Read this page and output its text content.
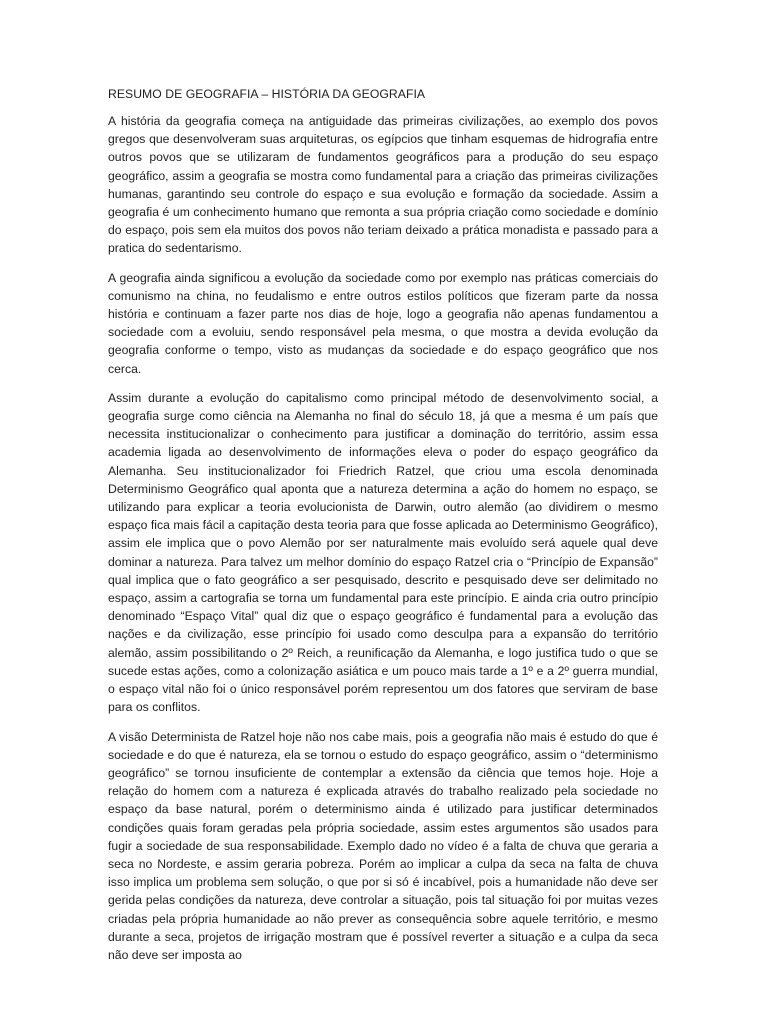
RESUMO DE GEOGRAFIA – HISTÓRIA DA GEOGRAFIA

A história da geografia começa na antiguidade das primeiras civilizações, ao exemplo dos povos gregos que desenvolveram suas arquiteturas, os egípcios que tinham esquemas de hidrografia entre outros povos que se utilizaram de fundamentos geográficos para a produção do seu espaço geográfico, assim a geografia se mostra como fundamental para a criação das primeiras civilizações humanas, garantindo seu controle do espaço e sua evolução e formação da sociedade. Assim a geografia é um conhecimento humano que remonta a sua própria criação como sociedade e domínio do espaço, pois sem ela muitos dos povos não teriam deixado a prática monadista e passado para a pratica do sedentarismo.

A geografia ainda significou a evolução da sociedade como por exemplo nas práticas comerciais do comunismo na china, no feudalismo e entre outros estilos políticos que fizeram parte da nossa história e continuam a fazer parte nos dias de hoje, logo a geografia não apenas fundamentou a sociedade com a evoluiu, sendo responsável pela mesma, o que mostra a devida evolução da geografia conforme o tempo, visto as mudanças da sociedade e do espaço geográfico que nos cerca.

Assim durante a evolução do capitalismo como principal método de desenvolvimento social, a geografia surge como ciência na Alemanha no final do século 18, já que a mesma é um país que necessita institucionalizar o conhecimento para justificar a dominação do território, assim essa academia ligada ao desenvolvimento de informações eleva o poder do espaço geográfico da Alemanha. Seu institucionalizador foi Friedrich Ratzel, que criou uma escola denominada Determinismo Geográfico qual aponta que a natureza determina a ação do homem no espaço, se utilizando para explicar a teoria evolucionista de Darwin, outro alemão (ao dividirem o mesmo espaço fica mais fácil a capitação desta teoria para que fosse aplicada ao Determinismo Geográfico), assim ele implica que o povo Alemão por ser naturalmente mais evoluído será aquele qual deve dominar a natureza. Para talvez um melhor domínio do espaço Ratzel cria o “Princípio de Expansão” qual implica que o fato geográfico a ser pesquisado, descrito e pesquisado deve ser delimitado no espaço, assim a cartografia se torna um fundamental para este princípio. E ainda cria outro princípio denominado “Espaço Vital” qual diz que o espaço geográfico é fundamental para a evolução das nações e da civilização, esse princípio foi usado como desculpa para a expansão do território alemão, assim possibilitando o 2º Reich, a reunificação da Alemanha, e logo justifica tudo o que se sucede estas ações, como a colonização asiática e um pouco mais tarde a 1º e a 2º guerra mundial, o espaço vital não foi o único responsável porém representou um dos fatores que serviram de base para os conflitos.

A visão Determinista de Ratzel hoje não nos cabe mais, pois a geografia não mais é estudo do que é sociedade e do que é natureza, ela se tornou o estudo do espaço geográfico, assim o “determinismo geográfico” se tornou insuficiente de contemplar a extensão da ciência que temos hoje. Hoje a relação do homem com a natureza é explicada através do trabalho realizado pela sociedade no espaço da base natural, porém o determinismo ainda é utilizado para justificar determinados condições quais foram geradas pela própria sociedade, assim estes argumentos são usados para fugir a sociedade de sua responsabilidade. Exemplo dado no vídeo é a falta de chuva que geraria a seca no Nordeste, e assim geraria pobreza. Porém ao implicar a culpa da seca na falta de chuva isso implica um problema sem solução, o que por si só é incabível, pois a humanidade não deve ser gerida pelas condições da natureza, deve controlar a situação, pois tal situação foi por muitas vezes criadas pela própria humanidade ao não prever as consequência sobre aquele território, e mesmo durante a seca, projetos de irrigação mostram que é possível reverter a situação e a culpa da seca não deve ser imposta ao
